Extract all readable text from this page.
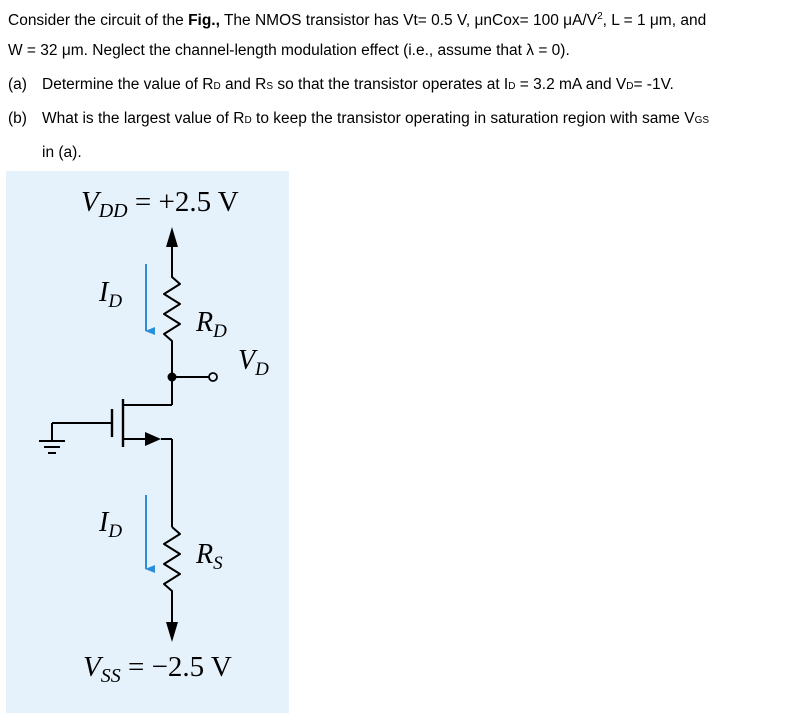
Consider the circuit of the Fig., The NMOS transistor has Vt= 0.5 V, μnCox= 100 $\mu A/V^2$, L = 1 μm, and
W = 32 μm. Neglect the channel-length modulation effect (i.e., assume that λ = 0).
(a) Determine the value of RD and RS so that the transistor operates at ID = 3.2 mA and VD= -1V.
(b) What is the largest value of RD to keep the transistor operating in saturation region with same VGS
in (a).
$V_{DD} = +2.5$ V
$R_D$
$I_D$
$V_D$
$R_S$
$I_D$
$V_{SS} = -2.5$ V
